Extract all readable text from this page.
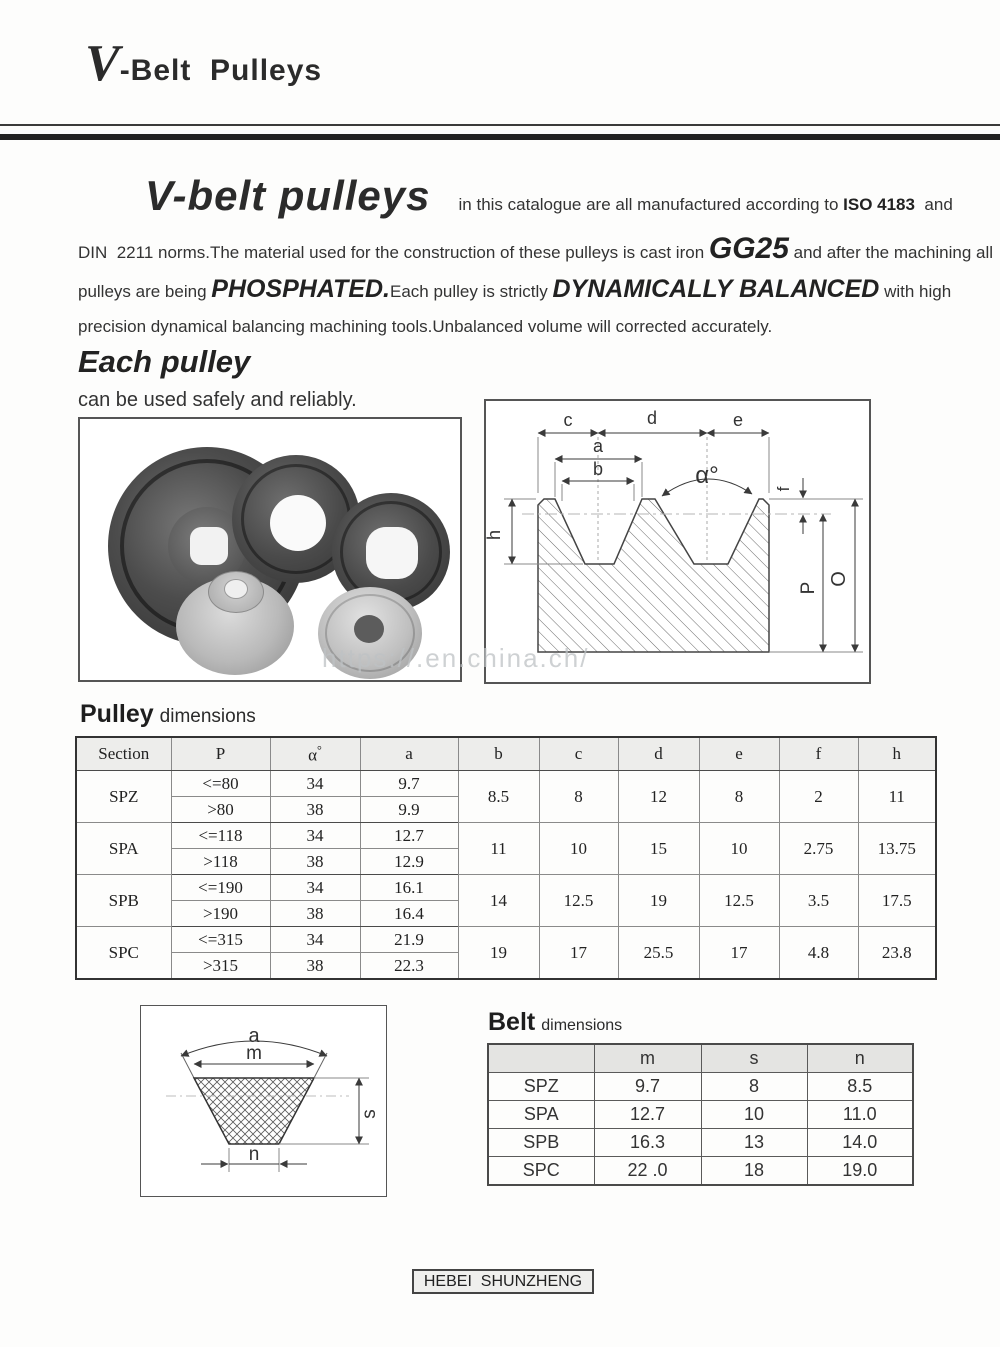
V-Belt  Pulleys
V-belt pulleys in this catalogue are all manufactured according to ISO 4183  and
DIN  2211 norms.The material used for the construction of these pulleys is cast iron GG25 and after the machining all
pulleys are being PHOSPHATED.Each pulley is strictly DYNAMICALLY BALANCED with high
precision dynamical balancing machining tools.Unbalanced volume will corrected accurately.
Each pulley
can be used safely and reliably.
c	d	e
a
b	α°	f
h
P
O
https://.en.china.ch/
Pulley dimensions
Section	P	α°	a	b	c	d	e	f	h
SPZ	<=80	34	9.7	8.5	8	12	8	2	11
	>80	38	9.9						
SPA	<=118	34	12.7	11	10	15	10	2.75	13.75
	>118	38	12.9						
SPB	<=190	34	16.1	14	12.5	19	12.5	3.5	17.5
	>190	38	16.4						
SPC	<=315	34	21.9	19	17	25.5	17	4.8	23.8
	>315	38	22.3						
a
m
s
n
Belt dimensions
	m	s	n
SPZ	9.7	8	8.5
SPA	12.7	10	11.0
SPB	16.3	13	14.0
SPC	22 .0	18	19.0
HEBEI  SHUNZHENG
